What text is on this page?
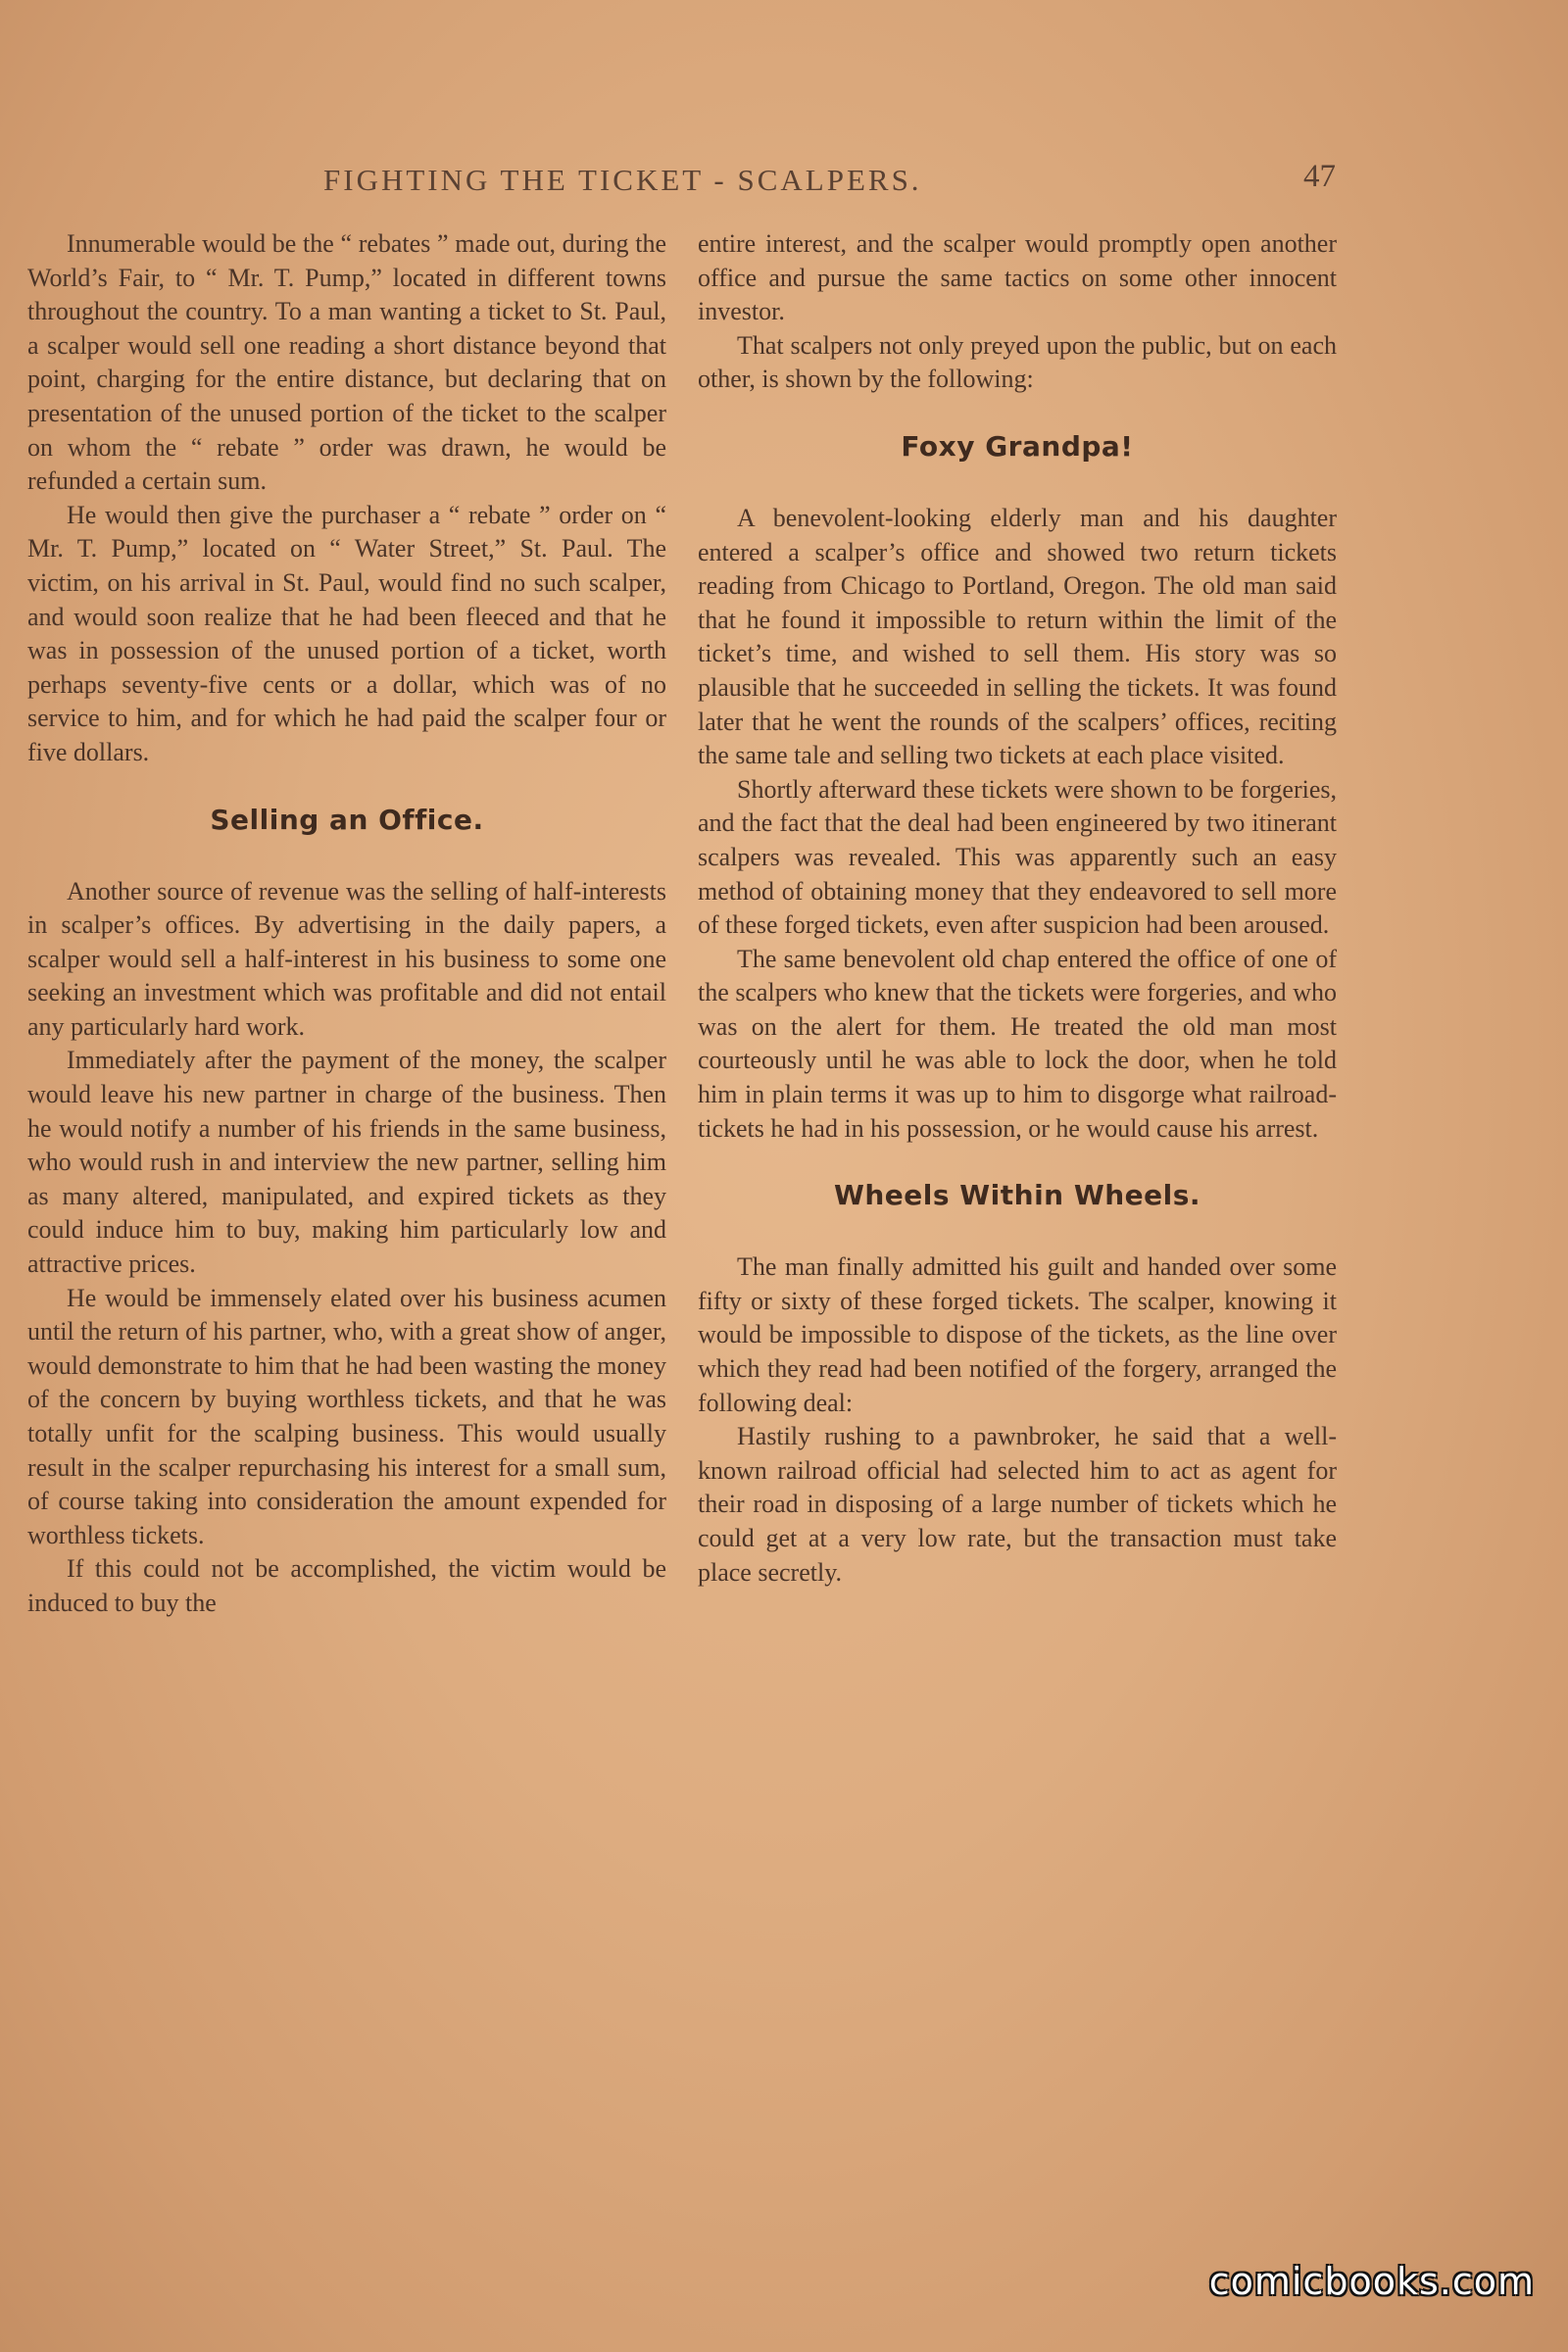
FIGHTING THE TICKET - SCALPERS.	47

Innumerable would be the “ rebates ” made out, during the World’s Fair, to “ Mr. T. Pump,” located in different towns throughout the country. To a man wanting a ticket to St. Paul, a scalper would sell one reading a short distance beyond that point, charging for the entire distance, but declaring that on presentation of the unused portion of the ticket to the scalper on whom the “ rebate ” order was drawn, he would be refunded a certain sum.

He would then give the purchaser a “ rebate ” order on “ Mr. T. Pump,” located on “ Water Street,” St. Paul. The victim, on his arrival in St. Paul, would find no such scalper, and would soon realize that he had been fleeced and that he was in possession of the unused portion of a ticket, worth perhaps seventy-five cents or a dollar, which was of no service to him, and for which he had paid the scalper four or five dollars.

Selling an Office.

Another source of revenue was the selling of half-interests in scalper’s offices. By advertising in the daily papers, a scalper would sell a half-interest in his business to some one seeking an investment which was profitable and did not entail any particularly hard work.

Immediately after the payment of the money, the scalper would leave his new partner in charge of the business. Then he would notify a number of his friends in the same business, who would rush in and interview the new partner, selling him as many altered, manipulated, and expired tickets as they could induce him to buy, making him particularly low and attractive prices.

He would be immensely elated over his business acumen until the return of his partner, who, with a great show of anger, would demonstrate to him that he had been wasting the money of the concern by buying worthless tickets, and that he was totally unfit for the scalping business. This would usually result in the scalper repurchasing his interest for a small sum, of course taking into consideration the amount expended for worthless tickets.

If this could not be accomplished, the victim would be induced to buy the

entire interest, and the scalper would promptly open another office and pursue the same tactics on some other innocent investor.

That scalpers not only preyed upon the public, but on each other, is shown by the following:

Foxy Grandpa!

A benevolent-looking elderly man and his daughter entered a scalper’s office and showed two return tickets reading from Chicago to Portland, Oregon. The old man said that he found it impossible to return within the limit of the ticket’s time, and wished to sell them. His story was so plausible that he succeeded in selling the tickets. It was found later that he went the rounds of the scalpers’ offices, reciting the same tale and selling two tickets at each place visited.

Shortly afterward these tickets were shown to be forgeries, and the fact that the deal had been engineered by two itinerant scalpers was revealed. This was apparently such an easy method of obtaining money that they endeavored to sell more of these forged tickets, even after suspicion had been aroused.

The same benevolent old chap entered the office of one of the scalpers who knew that the tickets were forgeries, and who was on the alert for them. He treated the old man most courteously until he was able to lock the door, when he told him in plain terms it was up to him to disgorge what railroad-tickets he had in his possession, or he would cause his arrest.

Wheels Within Wheels.

The man finally admitted his guilt and handed over some fifty or sixty of these forged tickets. The scalper, knowing it would be impossible to dispose of the tickets, as the line over which they read had been notified of the forgery, arranged the following deal:

Hastily rushing to a pawnbroker, he said that a well-known railroad official had selected him to act as agent for their road in disposing of a large number of tickets which he could get at a very low rate, but the transaction must take place secretly.

comicbooks.com
